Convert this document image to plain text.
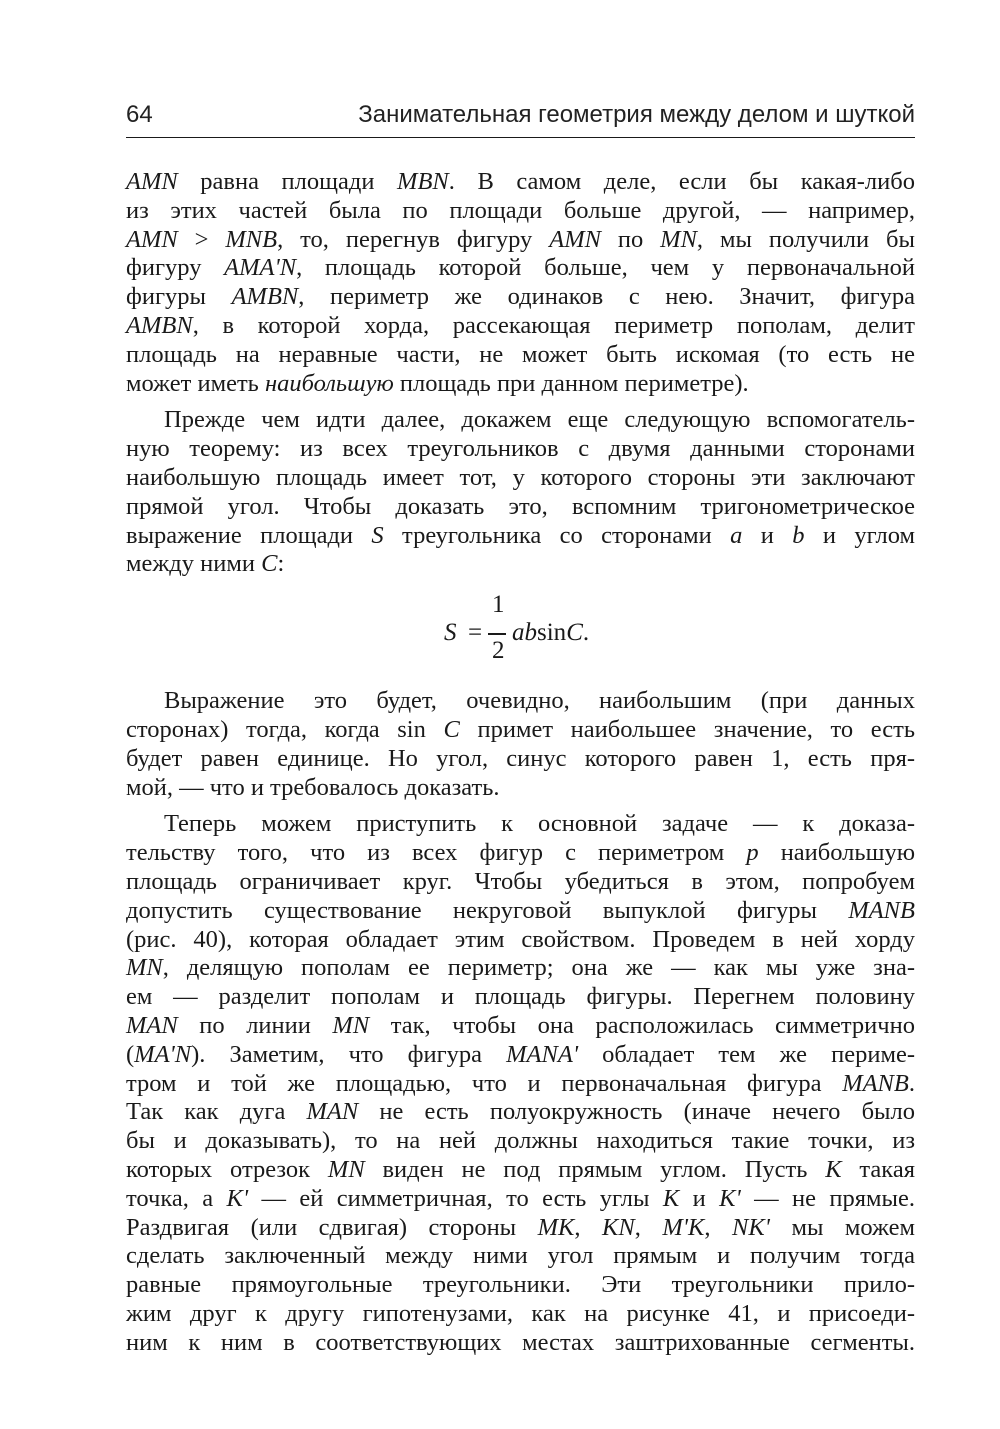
64	Занимательная геометрия между делом и шуткой
AMN равна площади MBN. В самом деле, если бы какая-либо
из этих частей была по площади больше другой, — например,
AMN > MNB, то, перегнув фигуру AMN по MN, мы получили бы
фигуру AMA'N, площадь которой больше, чем у первоначальной
фигуры AMBN, периметр же одинаков с нею. Значит, фигура
AMBN, в которой хорда, рассекающая периметр пополам, делит
площадь на неравные части, не может быть искомая (то есть не
может иметь наибольшую площадь при данном периметре).
Прежде чем идти далее, докажем еще следующую вспомогатель-
ную теорему: из всех треугольников с двумя данными сторонами
наибольшую площадь имеет тот, у которого стороны эти заключают
прямой угол. Чтобы доказать это, вспомним тригонометрическое
выражение площади S треугольника со сторонами a и b и углом
между ними C:
S =
1
2
absinC.
Выражение это будет, очевидно, наибольшим (при данных
сторонах) тогда, когда sin C примет наибольшее значение, то есть
будет равен единице. Но угол, синус которого равен 1, есть пря-
мой, — что и требовалось доказать.
Теперь можем приступить к основной задаче — к доказа-
тельству того, что из всех фигур с периметром p наибольшую
площадь ограничивает круг. Чтобы убедиться в этом, попробуем
допустить существование некруговой выпуклой фигуры MANB
(рис. 40), которая обладает этим свойством. Проведем в ней хорду
MN, делящую пополам ее периметр; она же — как мы уже зна-
ем — разделит пополам и площадь фигуры. Перегнем половину
MAN по линии MN так, чтобы она расположилась симметрично
(MA'N). Заметим, что фигура MANA' обладает тем же периме-
тром и той же площадью, что и первоначальная фигура MANB.
Так как дуга MAN не есть полуокружность (иначе нечего было
бы и доказывать), то на ней должны находиться такие точки, из
которых отрезок MN виден не под прямым углом. Пусть K такая
точка, а K' — ей симметричная, то есть углы K и K' — не прямые.
Раздвигая (или сдвигая) стороны MK, KN, M'K, NK' мы можем
сделать заключенный между ними угол прямым и получим тогда
равные прямоугольные треугольники. Эти треугольники прило-
жим друг к другу гипотенузами, как на рисунке 41, и присоеди-
ним к ним в соответствующих местах заштрихованные сегменты.
